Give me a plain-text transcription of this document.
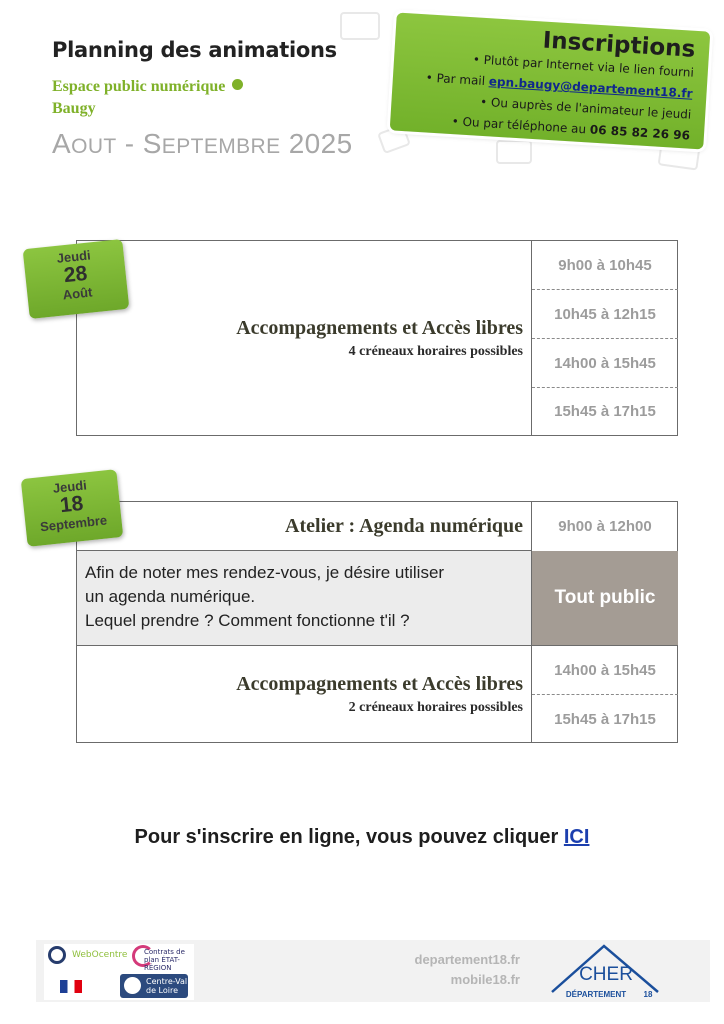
Planning des animations
Espace public numérique
Baugy
AOUT - SEPTEMBRE 2025
Inscriptions
• Plutôt par Internet via le lien fourni
• Par mail epn.baugy@departement18.fr
• Ou auprès de l'animateur le jeudi
• Ou par téléphone au 06 85 82 26 96
9h00 à 10h45
10h45 à 12h15
14h00 à 15h45
15h45 à 17h15
Accompagnements et Accès libres
4 créneaux horaires possibles
Jeudi
28
Août
Tout public
Atelier : Agenda numérique	9h00 à 12h00
Afin de noter mes rendez-vous, je désire utiliser
un agenda numérique.
Lequel prendre ? Comment fonctionne t'il ?
14h00 à 15h45
15h45 à 17h15
Accompagnements et Accès libres
2 créneaux horaires possibles
Jeudi
18
Septembre
Pour s'inscrire en ligne, vous pouvez cliquer ICI
WebOcentre Contrats de plan ÉTAT-RÉGION
Centre-Val de Loire
departement18.fr
mobile18.fr	CHER
DÉPARTEMENT 18
